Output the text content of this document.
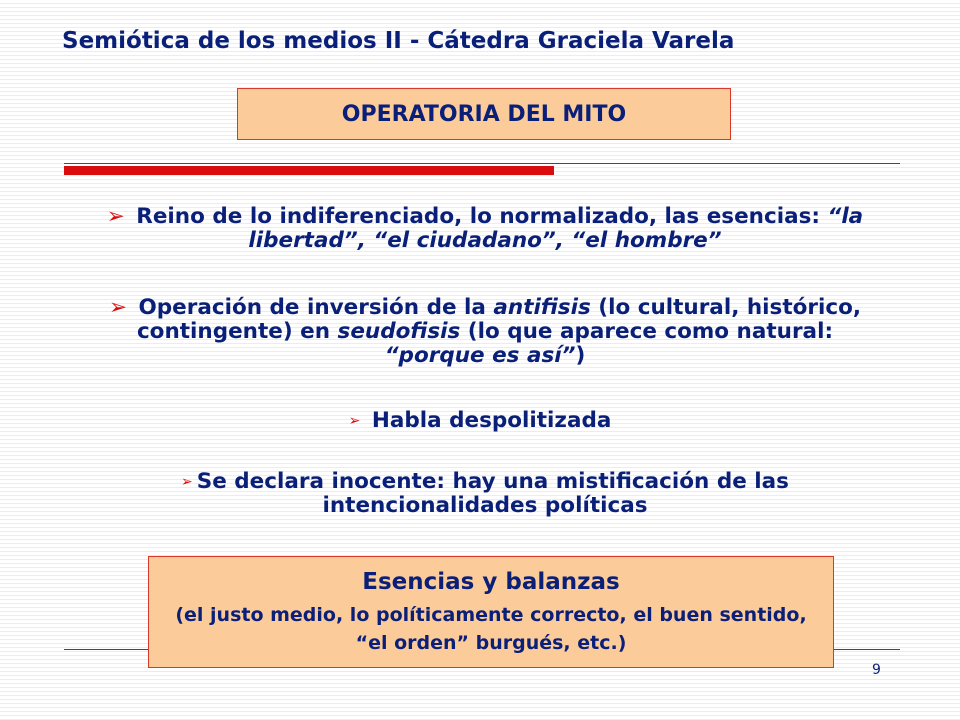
Semiótica de los medios II - Cátedra Graciela Varela
OPERATORIA DEL MITO
➢ Reino de lo indiferenciado, lo normalizado, las esencias: “la libertad”, “el ciudadano”, “el hombre”
➢ Operación de inversión de la antifisis (lo cultural, histórico, contingente) en seudofisis (lo que aparece como natural: “porque es así”)
➢ Habla despolitizada
➢ Se declara inocente: hay una mistificación de las intencionalidades políticas
Esencias y balanzas
(el justo medio, lo políticamente correcto, el buen sentido, “el orden” burgués, etc.)
9
